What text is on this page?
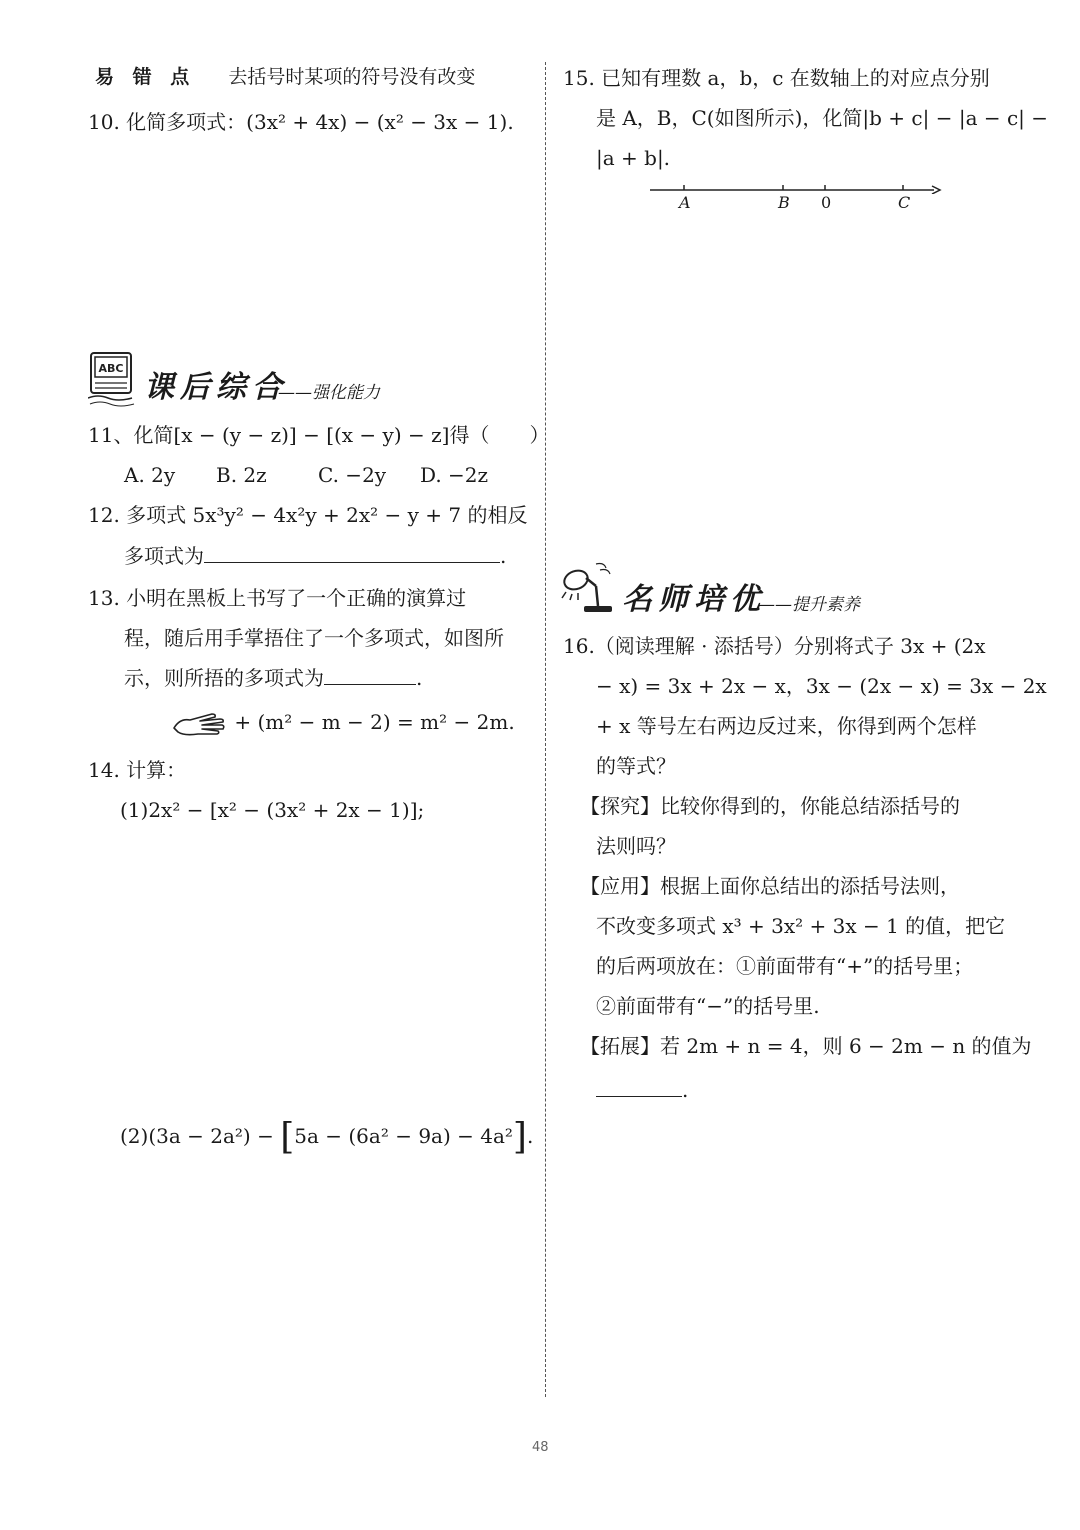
易 错 点 去括号时某项的符号没有改变
10. 化简多项式：(3x² + 4x) − (x² − 3x − 1).
ABC
课后综合
——强化能力
11、化简[x − (y − z)] − [(x − y) − z]得（　　）
A. 2y B. 2z	C. −2y D. −2z
12. 多项式 5x³y² − 4x²y + 2x² − y + 7 的相反
多项式为	.
13. 小明在黑板上书写了一个正确的演算过
程，随后用手掌捂住了一个多项式，如图所
示，则所捂的多项式为	.
+ (m² − m − 2) = m² − 2m.
14. 计算：
(1)2x² − [x² − (3x² + 2x − 1)];
(2)(3a − 2a²) − [5a − (6a² − 9a) − 4a²].
15. 已知有理数 a，b，c 在数轴上的对应点分别
是 A，B，C(如图所示)，化简|b + c| − |a − c| −
|a + b|.
A	B 0	C
名师培优
——提升素养
16.（阅读理解 · 添括号）分别将式子 3x + (2x
− x) = 3x + 2x − x，3x − (2x − x) = 3x − 2x
+ x 等号左右两边反过来，你得到两个怎样
的等式？
【探究】比较你得到的，你能总结添括号的
法则吗？
【应用】根据上面你总结出的添括号法则，
不改变多项式 x³ + 3x² + 3x − 1 的值，把它
的后两项放在：①前面带有“+”的括号里；
②前面带有“−”的括号里.
【拓展】若 2m + n = 4，则 6 − 2m − n 的值为
.
48
